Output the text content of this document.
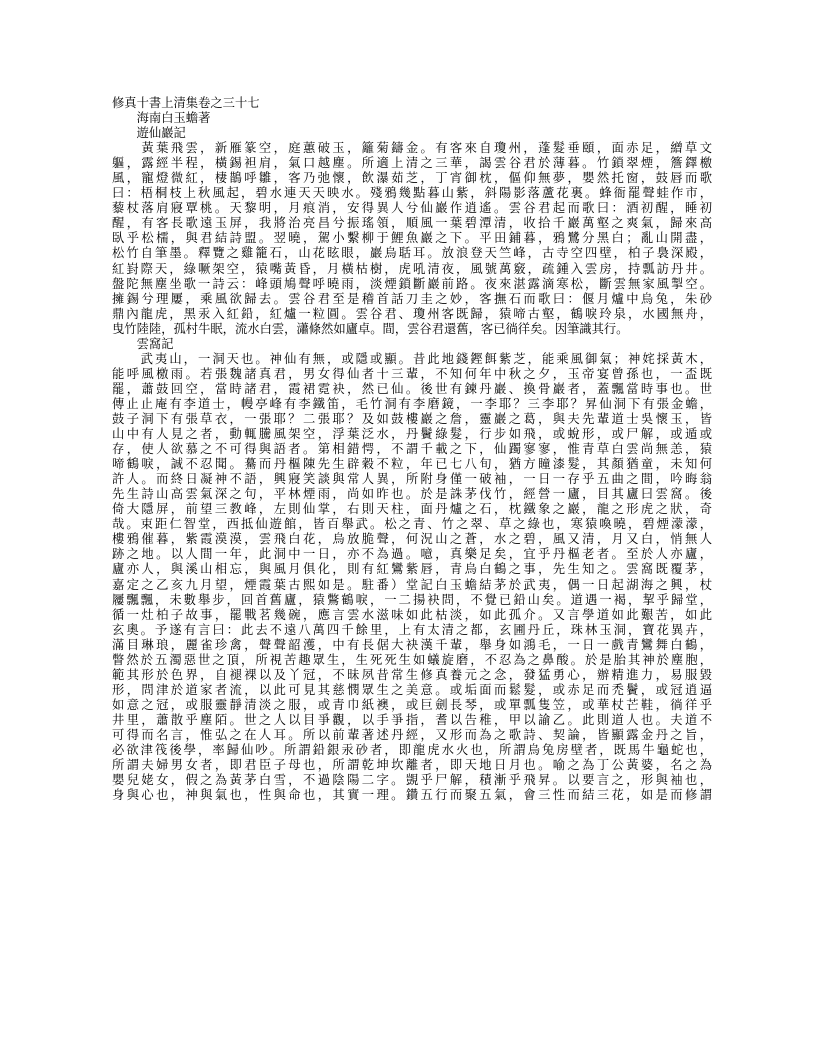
修真十書上清集卷之三十七
海南白玉蟾著
遊仙巖記
　　黃葉飛雲，新雁篆空，庭蕙破玉，籬菊鑄金。有客來自瓊州，蓬髮垂頤，面赤足，繒草文
軀，露經半程，橫錫袒肩，氣口越塵。所適上清之三華，謁雲谷君於薄暮。竹鎖翠煙，簷鐸檄
風，寵燈微紅，棲鵲呼雛，客乃弛懷，飲瀑茹芝，丁宵御枕，傴仰無夢，嬰然托窗，鼓唇而歌
曰：梧桐枝上秋風起，碧水連天天映水。殘鴉幾點暮山紫，斜陽影落蘆花裏。蜂衙罷聲蛙作市，
藜杖落肩寢覃桃。天黎明，月痕消，安得異人兮仙巖作逍遙。雲谷君起而歌曰：酒初醒，睡初
醒，有客長歌遠玉屏，我將治亮昌兮振瑤領，順風一葉碧潭清，收拾千巖萬壑之爽氣，歸來高
臥乎松檽，與君結詩盟。翌曉，駕小繫柳于鯉魚巖之下。平田鋪暮，鴉鷺分黑白；亂山開盡，
松竹自筆墨。釋覽之雞籠石，山花眩眼，巖烏聒耳。放浪登天竺峰，古寺空四壁，柏子裊深殿，
紅崶際天，綠噘架空，猿嘴黃昏，月橫枯樹，虎吼清夜，風號萬竅，疏鍾入雲房，持瓢訪丹井。
盤陀無塵坐歌一詩云：峰頭鳩聲呼曉雨，淡煙鎖斷巖前路。夜來湛露滴寒松，斷雲無家風掣空。
擁錫兮理屢，乘風欲歸去。雲谷君至是稽首話刀圭之妙，客撫石而歌曰：偃月爐中烏兔，朱砂
鼎內龍虎，黑汞入紅鉛，紅爐一粒圓。雲谷君、瓊州客既歸，猿啼古壑，鶴唳玲泉，水國無舟，
曳竹陸陸，孤村牛眠，流水白雲，瀟條然如廬卓。間，雲谷君還舊，客已徜徉矣。因筆識其行。
雲窩記
　　武夷山，一洞天也。神仙有無，或隱或顯。昔此地錢鏗餌紫芝，能乘風御氣；神姹採黃木，
能呼風檄雨。若張魏諸真君，男女得仙者十三輩，不知何年中秋之夕，玉帝宴曾孫也，一盃既
罷，蕭鼓回空，當時諸君，霞裙霓袂，然已仙。後世有鍊丹巖、換骨巖者，蓋飄當時事也。世
傳止止庵有李道士，幔亭峰有李鐵笛，毛竹洞有李磨鏡，一李耶？三李耶？昇仙洞下有張金蟾，
鼓子洞下有張草衣，一張耶？二張耶？及如鼓樓巖之詹，靈巖之葛，與夫先輩道士吳懷玉，皆
山中有人見之者，動輒騰風架空，浮葉泛水，丹鬢綠髮，行步如飛，或蛻形，或尸解，或遁或
存，使人欲慕之不可得與語者。第相錯愕，不謂千載之下，仙躅寥寥，惟青草白雲尚無恙，猿
啼鶴唳，誠不忍聞。驀而丹樞陳先生辟穀不粒，年已七八旬，猶方瞳漆髮，其顏猶童，未知何
許人。而終日凝神不語，興寢笑談與常人異，所附身僅一破袖，一日一存乎五曲之間，吟晦翁
先生詩山高雲氣深之句，平林煙雨，尚如昨也。於是誅茅伐竹，經營一廬，目其廬曰雲窩。後
倚大隱屏，前望三教峰，左則仙掌，右則天柱，面丹爐之石，枕鐵象之巖，龍之形虎之狀，奇
哉。束距仁智堂，西抵仙遊館，皆百舉武。松之青、竹之翠、草之綠也，寒猿喚曉，碧煙濛濛，
樓鴉催暮，紫霞漠漠，雲飛白花，烏放脆聲，何況山之蒼，水之碧，風又清，月又白，悄無人
跡之地。以人間一年，此洞中一日，亦不為過。噫，真樂足矣，宜乎丹樞老者。至於人亦廬，
廬亦人，與溪山相忘，與風月俱化，則有紅鸞紫唇，青烏白鶴之事，先生知之。雲窩既覆茅，
嘉定之乙亥九月望，煙霞葉古熙如是。駐番）堂記白玉蟾結茅於武夷，偶一日起湖海之興，杖
屨飄飄，未數舉步，回首舊廬，猿鷩鶴唳，一二揚袂問，不覺已鉛山矣。道遇一褐，挈乎歸堂，
循一灶柏子故事，罷戰茗幾碗，應言雲水滋味如此枯淡，如此孤介。又言學道如此艱苦，如此
玄奧。予遂有言曰：此去不遠八萬四千餘里，上有太清之都，玄圃丹丘，珠林玉洞，寶花異卉，
滿目琳琅，麗雀珍禽，聲聲韶濩，中有長倨大袂漢千輩，舉身如鴻毛，一日一戲青鸞舞白鶴，
瞥然於五濁惡世之頂，所視苦趣眾生，生死死生如蟻旋磨，不忍為之鼻酸。於是胎其神於塵胞，
範其形於色界，自褪裸以及丫冠，不昧夙昔常生修真養元之念，發猛勇心，辦精進力，易服毀
形，問津於道家者流，以此可見其慈憫眾生之美意。或垢面而鬆髮，或赤足而禿鬢，或冠逍逼
如意之冠，或服靈靜清淡之服，或青巾紙襖，或巨劍長琴，或單瓢隻笠，或華杖芒鞋，徜徉乎
井里，蕭散乎塵陌。世之人以目爭觀，以手爭指，耆以告稚，甲以諭乙。此則道人也。夫道不
可得而名言，惟弘之在人耳。所以前輩著述丹經，又形而為之歌詩、契論，皆顯露金丹之旨，
必欲津筏後學，率歸仙吵。所謂鉛銀汞砂者，即龍虎水火也，所謂烏兔房壁者，既馬牛龜蛇也，
所謂夫婦男女者，即君臣子母也，所謂乾坤坎離者，即天地日月也。喻之為丁公黃婆，名之為
嬰兒姥女，假之為黃茅白雪，不過陰陽二字。覬乎尸解，積漸乎飛昇。以要言之，形與袖也，
身與心也，神與氣也，性與命也，其實一理。鑽五行而聚五氣，會三性而結三花，如是而修謂
